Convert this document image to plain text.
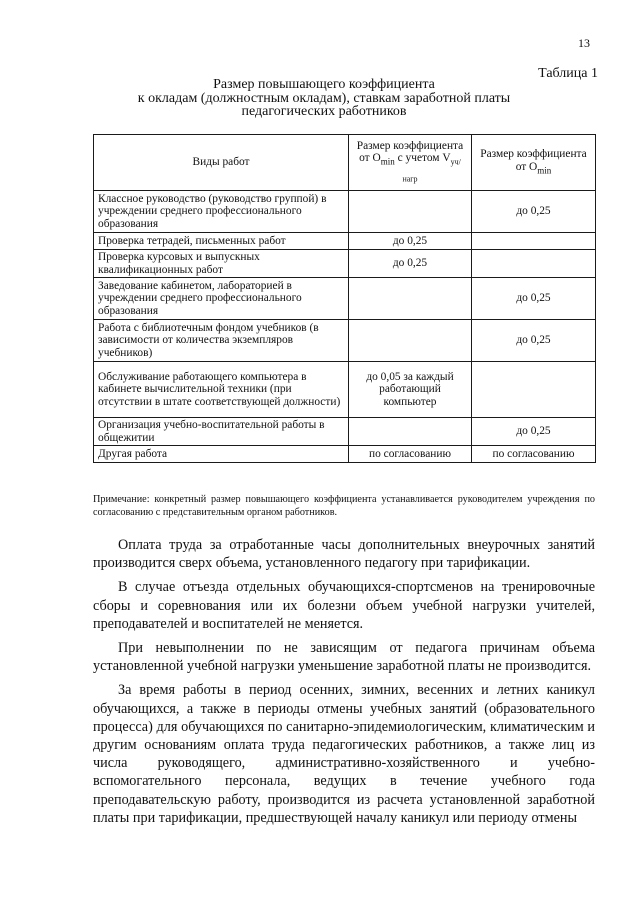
13
Таблица 1
Размер повышающего коэффициента
к окладам (должностным окладам), ставкам заработной платы
педагогических работников
Виды работ	Размер коэффициента от $O_{min}$ с учетом $V_{уч/нагр}$	Размер коэффициента от $O_{min}$
Классное руководство (руководство группой) в учреждении среднего профессионального образования		до 0,25
Проверка тетрадей, письменных работ	до 0,25	
Проверка курсовых и выпускных квалификационных работ	до 0,25	
Заведование кабинетом, лабораторией в учреждении среднего профессионального образования		до 0,25
Работа с библиотечным фондом учебников (в зависимости от количества экземпляров учебников)		до 0,25
Обслуживание работающего компьютера в кабинете вычислительной техники (при отсутствии в штате соответствующей должности)	до 0,05 за каждый работающий компьютер	
Организация учебно-воспитательной работы в общежитии		до 0,25
Другая работа	по согласованию	по согласованию
Примечание: конкретный размер повышающего коэффициента устанавливается руководителем учреждения по согласованию с представительным органом работников.

Оплата труда за отработанные часы дополнительных внеурочных занятий производится сверх объема, установленного педагогу при тарификации.

В случае отъезда отдельных обучающихся-спортсменов на тренировочные сборы и соревнования или их болезни объем учебной нагрузки учителей, преподавателей и воспитателей не меняется.

При невыполнении по не зависящим от педагога причинам объема установленной учебной нагрузки уменьшение заработной платы не производится.

За время работы в период осенних, зимних, весенних и летних каникул обучающихся, а также в периоды отмены учебных занятий (образовательного процесса) для обучающихся по санитарно-эпидемиологическим, климатическим и другим основаниям оплата труда педагогических работников, а также лиц из числа руководящего, административно-хозяйственного и учебно-вспомогательного персонала, ведущих в течение учебного года преподавательскую работу, производится из расчета установленной заработной платы при тарификации, предшествующей началу каникул или периоду отмены
